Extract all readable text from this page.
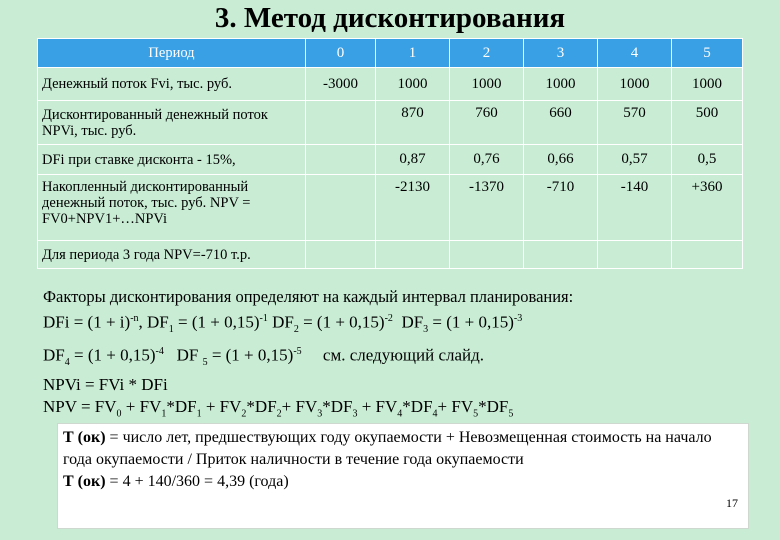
3. Метод дисконтирования
Период	0	1	2	3	4	5
Денежный поток Fvi, тыс. руб.	-3000	1000	1000	1000	1000	1000
Дисконтированный денежный поток NPVi, тыс. руб.		870	760	660	570	500
DFi при ставке дисконта - 15%,		0,87	0,76	0,66	0,57	0,5
Накопленный дисконтированный денежный поток, тыс. руб. NPV = FV0+NPV1+…NPVi		-2130	-1370	-710	-140	+360
Для периода 3 года NPV=-710 т.р.						
Факторы дисконтирования определяют на каждый интервал планирования:
DFi = $(1 + i)^{-n}$, $DF_1 = (1 + 0,15)^{-1}$ $DF_2 = (1 + 0,15)^{-2}$ $DF_3 = (1 + 0,15)^{-3}$
$DF_4 = (1 + 0,15)^{-4}$ DF $_5 = (1 + 0,15)^{-5}$ см. следующий слайд.
NPVi = FVi * DFi
NPV = $FV_0 + FV_1*DF_1 + FV_2*DF_2+ FV_3*DF_3 + FV_4*DF_4+ FV_5*DF_5$
Т (ок) = число лет, предшествующих году окупаемости + Невозмещенная стоимость на начало года окупаемости / Приток наличности в течение года окупаемости
Т (ок) = 4 + 140/360 = 4,39 (года)
17
